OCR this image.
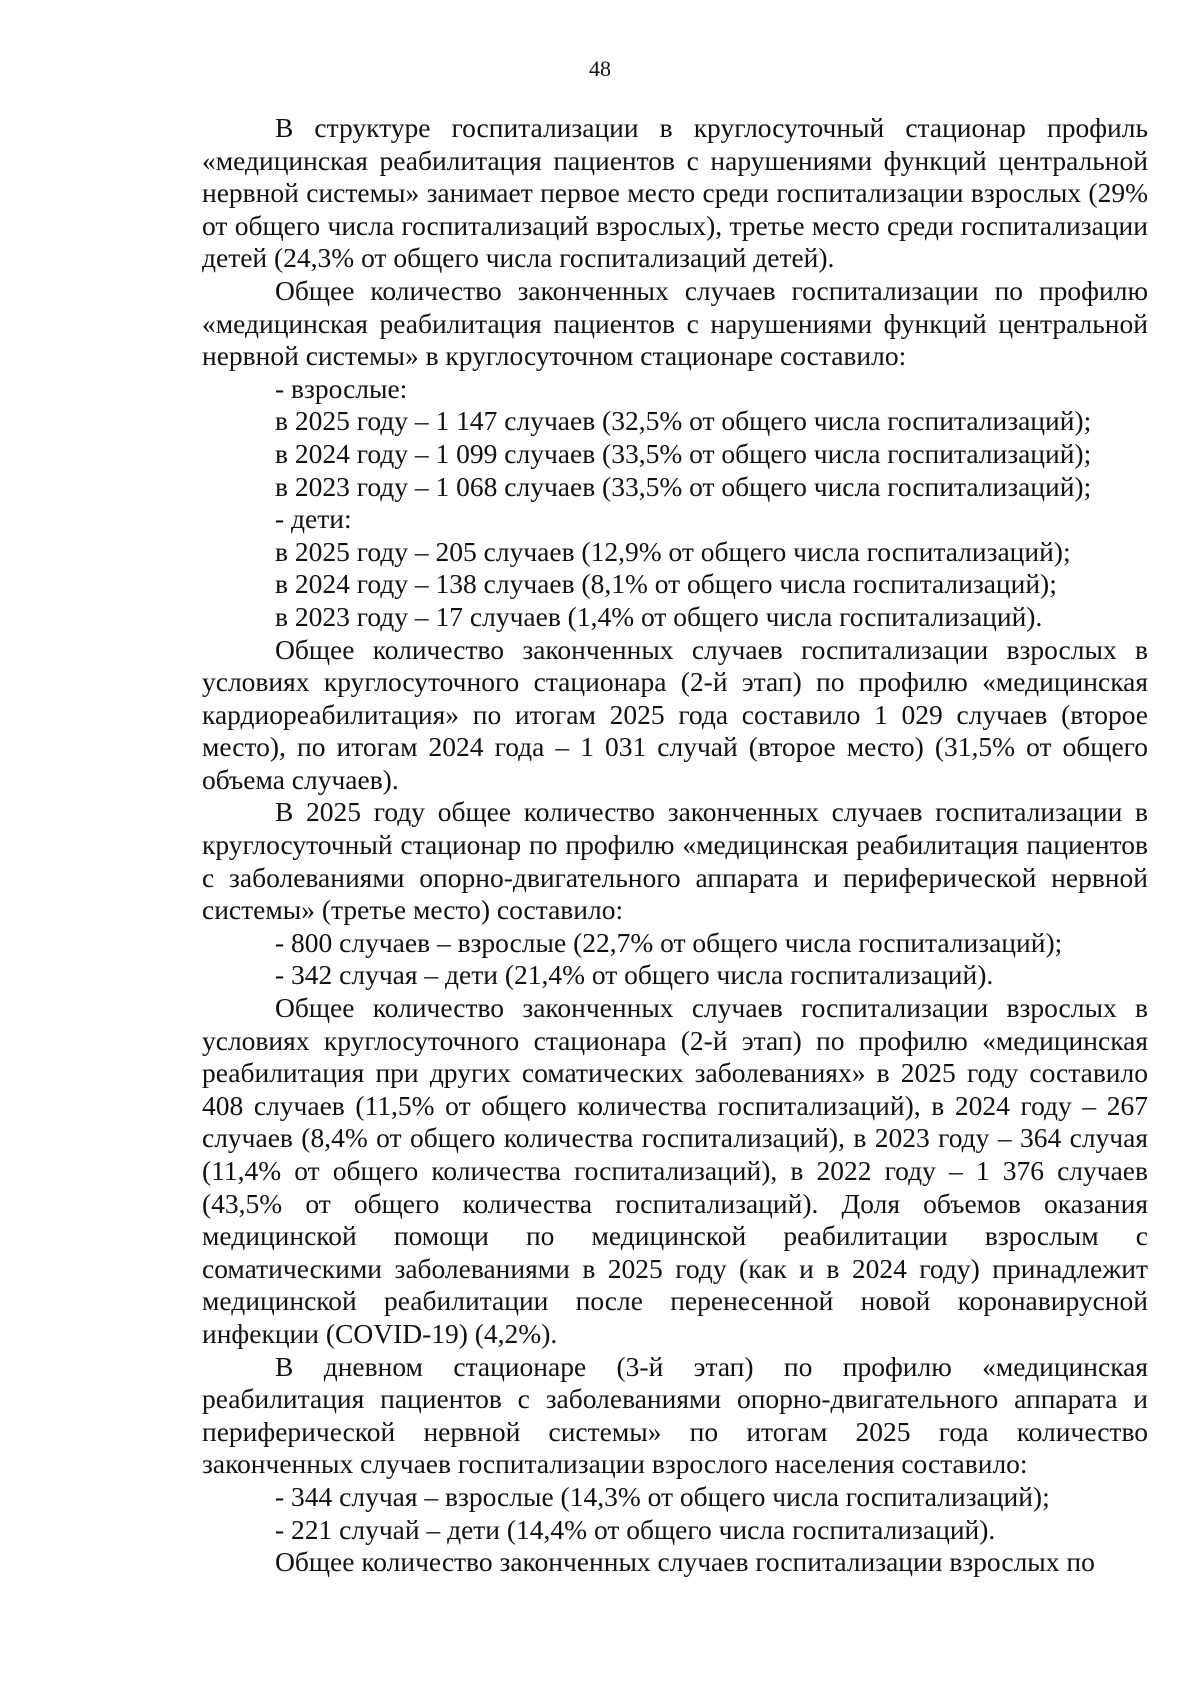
48

В структуре госпитализации в круглосуточный стационар профиль «медицинская реабилитация пациентов с нарушениями функций центральной нервной системы» занимает первое место среди госпитализации взрослых (29% от общего числа госпитализаций взрослых), третье место среди госпитализации детей (24,3% от общего числа госпитализаций детей).

Общее количество законченных случаев госпитализации по профилю «медицинская реабилитация пациентов с нарушениями функций центральной нервной системы» в круглосуточном стационаре составило:

- взрослые:

в 2025 году – 1 147 случаев (32,5% от общего числа госпитализаций);

в 2024 году – 1 099 случаев (33,5% от общего числа госпитализаций);

в 2023 году – 1 068 случаев (33,5% от общего числа госпитализаций);

- дети:

в 2025 году – 205 случаев (12,9% от общего числа госпитализаций);

в 2024 году – 138 случаев (8,1% от общего числа госпитализаций);

в 2023 году – 17 случаев (1,4% от общего числа госпитализаций).

Общее количество законченных случаев госпитализации взрослых в условиях круглосуточного стационара (2-й этап) по профилю «медицинская кардиореабилитация» по итогам 2025 года составило 1 029 случаев (второе место), по итогам 2024 года – 1 031 случай (второе место) (31,5% от общего объема случаев).

В 2025 году общее количество законченных случаев госпитализации в круглосуточный стационар по профилю «медицинская реабилитация пациентов с заболеваниями опорно-двигательного аппарата и периферической нервной системы» (третье место) составило:

- 800 случаев – взрослые (22,7% от общего числа госпитализаций);

- 342 случая – дети (21,4% от общего числа госпитализаций).

Общее количество законченных случаев госпитализации взрослых в условиях круглосуточного стационара (2-й этап) по профилю «медицинская реабилитация при других соматических заболеваниях» в 2025 году составило 408 случаев (11,5% от общего количества госпитализаций), в 2024 году – 267 случаев (8,4% от общего количества госпитализаций), в 2023 году – 364 случая (11,4% от общего количества госпитализаций), в 2022 году – 1 376 случаев (43,5% от общего количества госпитализаций). Доля объемов оказания медицинской помощи по медицинской реабилитации взрослым с соматическими заболеваниями в 2025 году (как и в 2024 году) принадлежит медицинской реабилитации после перенесенной новой коронавирусной инфекции (COVID-19) (4,2%).

В дневном стационаре (3-й этап) по профилю «медицинская реабилитация пациентов с заболеваниями опорно-двигательного аппарата и периферической нервной системы» по итогам 2025 года количество законченных случаев госпитализации взрослого населения составило:

- 344 случая – взрослые (14,3% от общего числа госпитализаций);

- 221 случай – дети (14,4% от общего числа госпитализаций).

Общее количество законченных случаев госпитализации взрослых по
